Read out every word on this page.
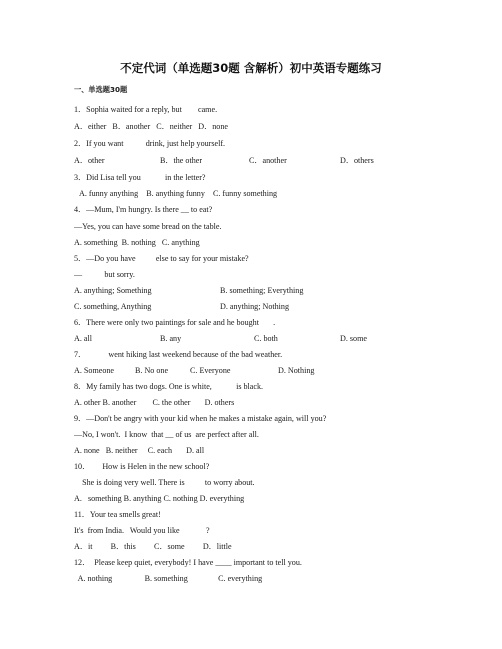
不定代词（单选题30题 含解析）初中英语专题练习
一、单选题30题
1．Sophia waited for a reply, but        came.
A．either   B．another   C．neither   D．none
2．If you want           drink, just help yourself.
A．other	B．the other	C．another	D．others
3．Did Lisa tell you            in the letter?
A. funny anything    B. anything funny    C. funny something
4．—Mum, I'm hungry. Is there __ to eat?
—Yes, you can have some bread on the table.
A. something  B. nothing   C. anything
5．—Do you have          else to say for your mistake?
—           but sorry.
A. anything; Something	B. something; Everything
C. something, Anything	D. anything; Nothing
6．There were only two paintings for sale and he bought       .
A. all	B. any	C. both	D. some
7．           went hiking last weekend because of the bad weather.
A. Someone	B. No one	C. Everyone	D. Nothing
8．My family has two dogs. One is white,            is black.
A. other B. another        C. the other       D. others
9．—Don't be angry with your kid when he makes a mistake again, will you?
—No, I won't.  I know  that __ of us  are perfect after all.
A. none   B. neither     C. each       D. all
10．      How is Helen in the new school?
She is doing very well. There is          to worry about.
A.   something B. anything C. nothing D. everything
11．Your tea smells great!
It's  from India.   Would you like             ?
A．it         B．this         C．some         D．little
12．  Please keep quiet, everybody! I have ____ important to tell you.
A. nothing                B. something               C. everything
